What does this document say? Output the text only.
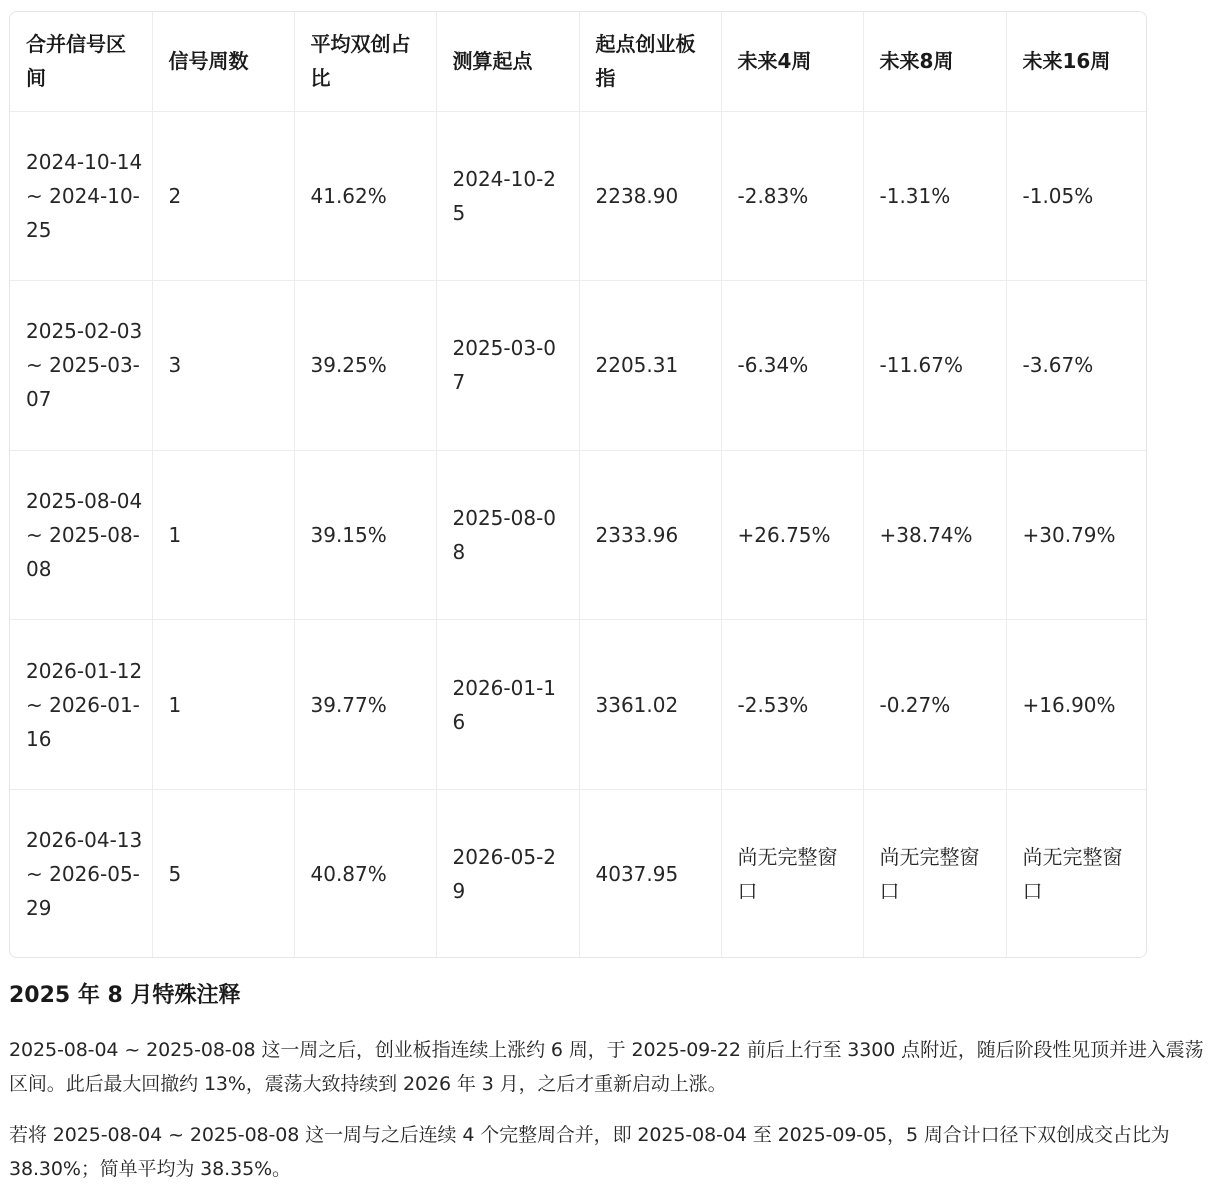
合并信号区间	信号周数	平均双创占比	测算起点	起点创业板指	未来4周	未来8周	未来16周
2024-10-14 ~ 2024-10-25	2	41.62%	2024-10-25	2238.90	-2.83%	-1.31%	-1.05%
2025-02-03 ~ 2025-03-07	3	39.25%	2025-03-07	2205.31	-6.34%	-11.67%	-3.67%
2025-08-04 ~ 2025-08-08	1	39.15%	2025-08-08	2333.96	+26.75%	+38.74%	+30.79%
2026-01-12 ~ 2026-01-16	1	39.77%	2026-01-16	3361.02	-2.53%	-0.27%	+16.90%
2026-04-13 ~ 2026-05-29	5	40.87%	2026-05-29	4037.95	尚无完整窗口	尚无完整窗口	尚无完整窗口
2025 年 8 月特殊注释

2025-08-04 ~ 2025-08-08 这一周之后，创业板指连续上涨约 6 周，于 2025-09-22 前后上行至 3300 点附近，随后阶段性见顶并进入震荡区间。此后最大回撤约 13%，震荡大致持续到 2026 年 3 月，之后才重新启动上涨。

若将 2025-08-04 ~ 2025-08-08 这一周与之后连续 4 个完整周合并，即 2025-08-04 至 2025-09-05，5 周合计口径下双创成交占比为 38.30%；简单平均为 38.35%。
